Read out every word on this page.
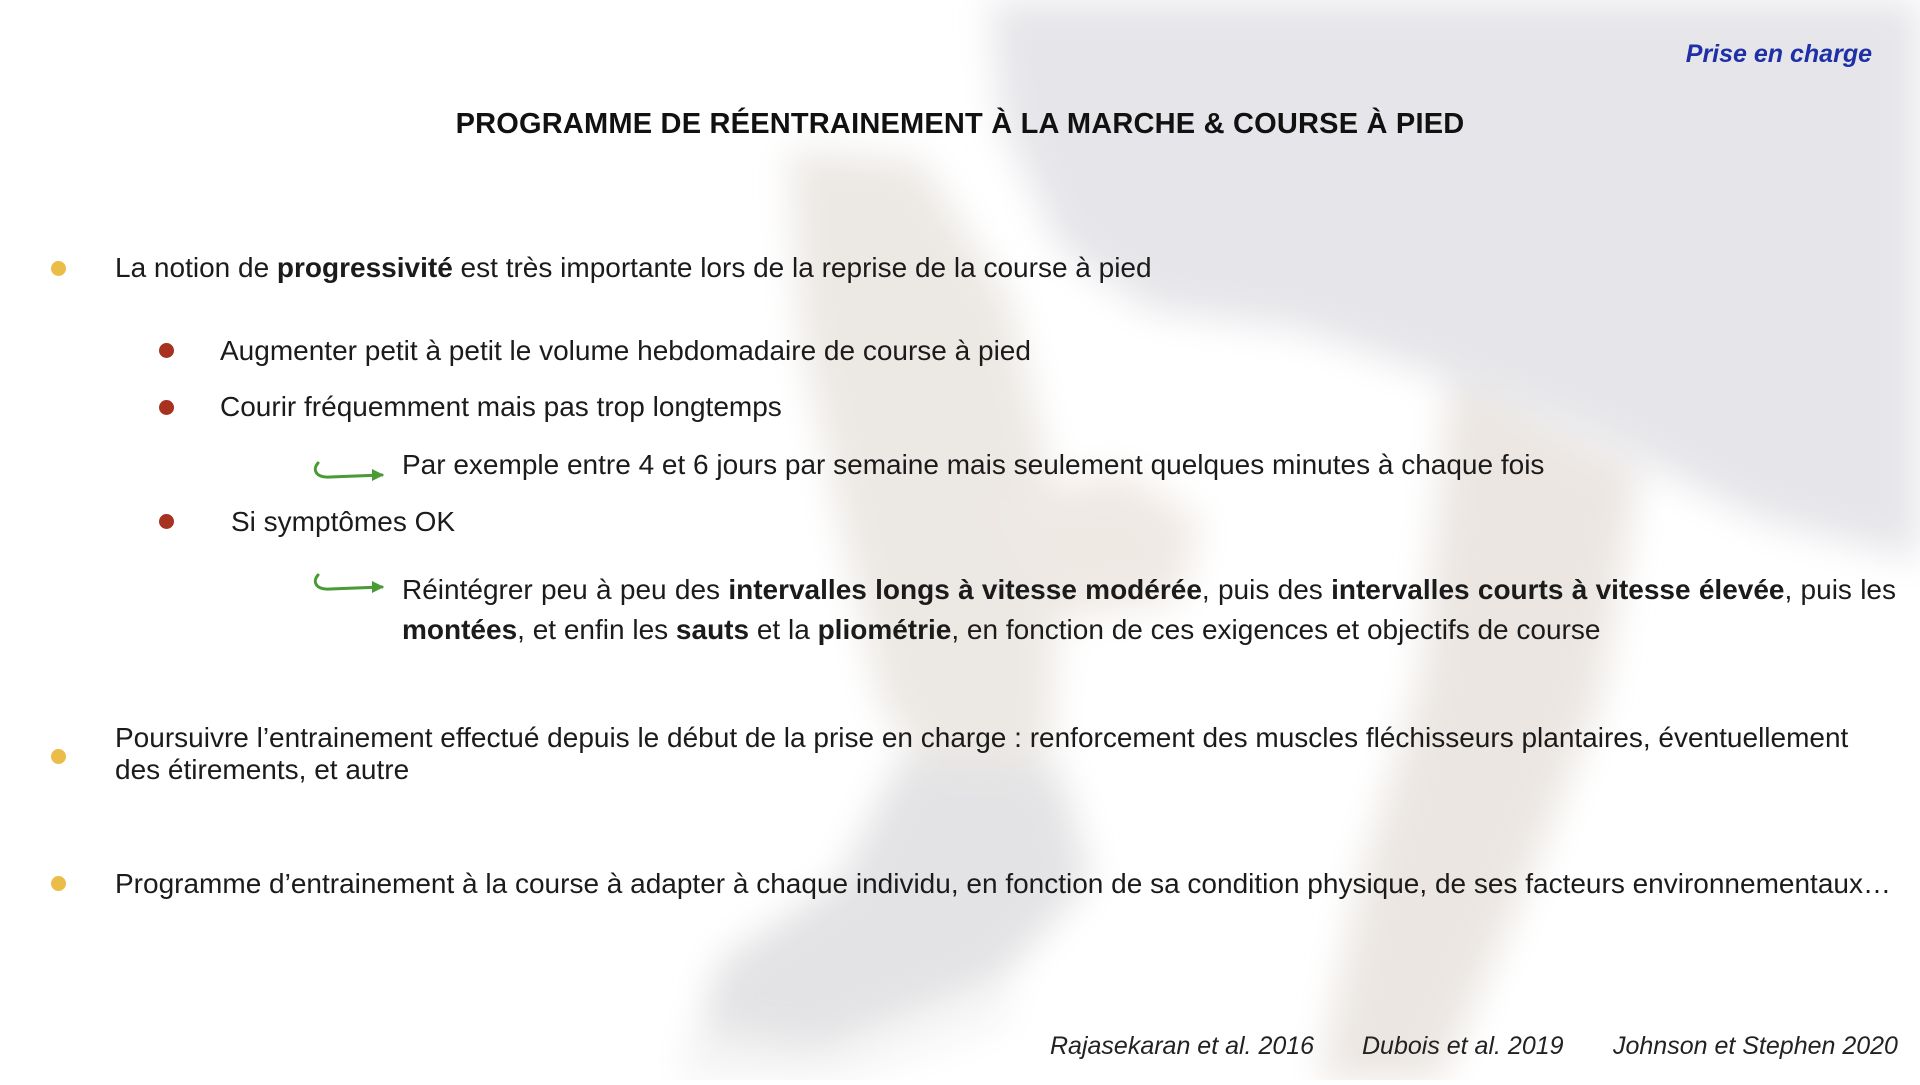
Prise en charge
PROGRAMME DE RÉENTRAINEMENT À LA MARCHE & COURSE À PIED
La notion de progressivité est très importante lors de la reprise de la course à pied
Augmenter petit à petit le volume hebdomadaire de course à pied
Courir fréquemment mais pas trop longtemps
Par exemple entre 4 et 6 jours par semaine mais seulement quelques minutes à chaque fois
Si symptômes OK
Réintégrer peu à peu des intervalles longs à vitesse modérée, puis des intervalles courts à vitesse élevée, puis les montées, et enfin les sauts et la pliométrie, en fonction de ces exigences et objectifs de course
Poursuivre l’entrainement effectué depuis le début de la prise en charge : renforcement des muscles fléchisseurs plantaires, éventuellement des étirements, et autre
Programme d’entrainement à la course à adapter à chaque individu, en fonction de sa condition physique, de ses facteurs environnementaux…
Rajasekaran et al. 2016 Dubois et al. 2019 Johnson et Stephen 2020
